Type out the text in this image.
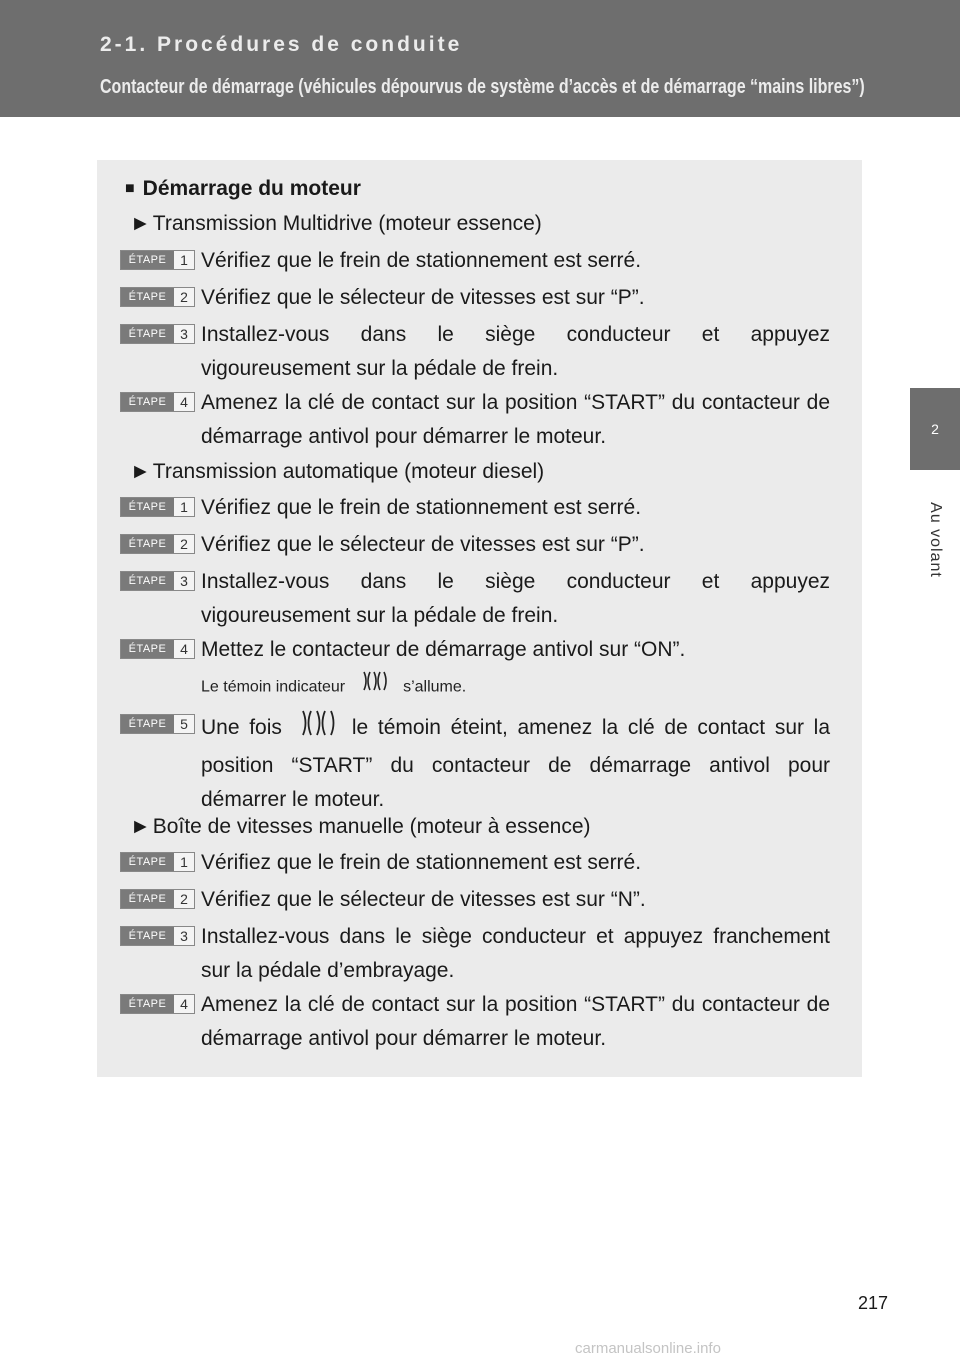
2-1. Procédures de conduite
Contacteur de démarrage (véhicules dépourvus de système d’accès et de démarrage “mains libres”)
2
Au volant
■ Démarrage du moteur
►Transmission Multidrive (moteur essence)
ÉTAPE 1 Vérifiez que le frein de stationnement est serré.
ÉTAPE 2 Vérifiez que le sélecteur de vitesses est sur “P”.
ÉTAPE 3 Installez-vous dans le siège conducteur et appuyez vigoureusement sur la pédale de frein.
ÉTAPE 4 Amenez la clé de contact sur la position “START” du contacteur de démarrage antivol pour démarrer le moteur.
►Transmission automatique (moteur diesel)
ÉTAPE 1 Vérifiez que le frein de stationnement est serré.
ÉTAPE 2 Vérifiez que le sélecteur de vitesses est sur “P”.
ÉTAPE 3 Installez-vous dans le siège conducteur et appuyez vigoureusement sur la pédale de frein.
ÉTAPE 4 Mettez le contacteur de démarrage antivol sur “ON”.
Le témoin indicateur	s’allume.
ÉTAPE 5 Une fois	le témoin éteint, amenez la clé de contact sur la position “START” du contacteur de démarrage antivol pour démarrer le moteur.
►Boîte de vitesses manuelle (moteur à essence)
ÉTAPE 1 Vérifiez que le frein de stationnement est serré.
ÉTAPE 2 Vérifiez que le sélecteur de vitesses est sur “N”.
ÉTAPE 3 Installez-vous dans le siège conducteur et appuyez franchement sur la pédale d’embrayage.
ÉTAPE 4 Amenez la clé de contact sur la position “START” du contacteur de démarrage antivol pour démarrer le moteur.
217
carmanualsonline.info
